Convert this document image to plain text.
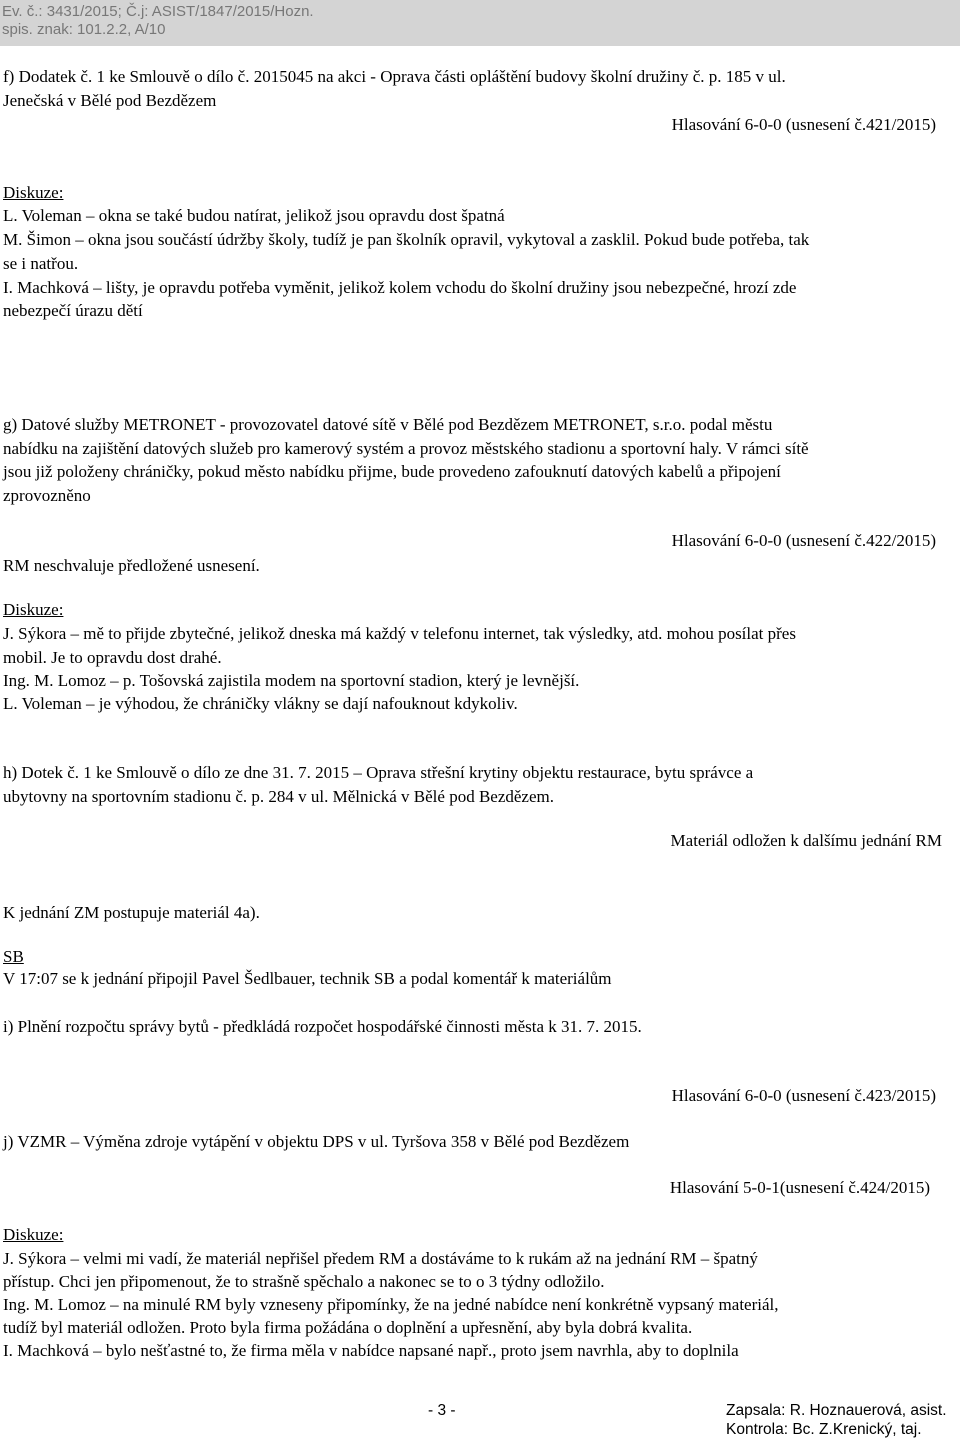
Ev. č.: 3431/2015; Č.j: ASIST/1847/2015/Hozn.
spis. znak: 101.2.2, A/10
f) Dodatek č. 1 ke Smlouvě o dílo č. 2015045 na akci - Oprava části opláštění budovy školní družiny č. p. 185 v ul.
Jenečská v Bělé pod Bezdězem
Hlasování 6-0-0 (usnesení č.421/2015)
Diskuze:
L. Voleman – okna se také budou natírat, jelikož jsou opravdu dost špatná
M. Šimon – okna jsou součástí údržby školy, tudíž je pan školník opravil, vykytoval a zasklil. Pokud bude potřeba, tak
se i natřou.
I. Machková – lišty, je opravdu potřeba vyměnit, jelikož kolem vchodu do školní družiny jsou nebezpečné, hrozí zde
nebezpečí úrazu dětí
g) Datové služby METRONET - provozovatel datové sítě v Bělé pod Bezdězem METRONET, s.r.o. podal městu
nabídku na zajištění datových služeb pro kamerový systém a provoz městského stadionu a sportovní haly. V rámci sítě
jsou již položeny chráničky, pokud město nabídku přijme, bude provedeno zafouknutí datových kabelů a připojení
zprovozněno
Hlasování 6-0-0 (usnesení č.422/2015)
RM neschvaluje předložené usnesení.
Diskuze:
J. Sýkora – mě to přijde zbytečné, jelikož dneska má každý v telefonu internet, tak výsledky, atd. mohou posílat přes
mobil. Je to opravdu dost drahé.
Ing. M. Lomoz – p. Tošovská zajistila modem na sportovní stadion, který je levnější.
L. Voleman – je výhodou, že chráničky vlákny se dají nafouknout kdykoliv.
h) Dotek č. 1 ke Smlouvě o dílo ze dne 31. 7. 2015 – Oprava střešní krytiny objektu restaurace, bytu správce a
ubytovny na sportovním stadionu č. p. 284 v ul. Mělnická v Bělé pod Bezdězem.
Materiál odložen k dalšímu jednání RM
K jednání ZM postupuje materiál 4a).
SB
V 17:07 se k jednání připojil Pavel Šedlbauer, technik SB a podal komentář k materiálům
i) Plnění rozpočtu správy bytů - předkládá rozpočet hospodářské činnosti města k 31. 7. 2015.
Hlasování 6-0-0 (usnesení č.423/2015)
j) VZMR – Výměna zdroje vytápění v objektu DPS v ul. Tyršova 358 v Bělé pod Bezdězem
Hlasování 5-0-1(usnesení č.424/2015)
Diskuze:
J. Sýkora – velmi mi vadí, že materiál nepřišel předem RM a dostáváme to k rukám až na jednání RM – špatný
přístup. Chci jen připomenout, že to strašně spěchalo a nakonec se to o 3 týdny odložilo.
Ing. M. Lomoz – na minulé RM byly vzneseny připomínky, že na jedné nabídce není konkrétně vypsaný materiál,
tudíž byl materiál odložen. Proto byla firma požádána o doplnění a upřesnění, aby byla dobrá kvalita.
I. Machková – bylo nešťastné to, že firma měla v nabídce napsané např., proto jsem navrhla, aby to doplnila
- 3 -	Zapsala: R. Hoznauerová, asist.
Kontrola: Bc. Z.Krenický, taj.
